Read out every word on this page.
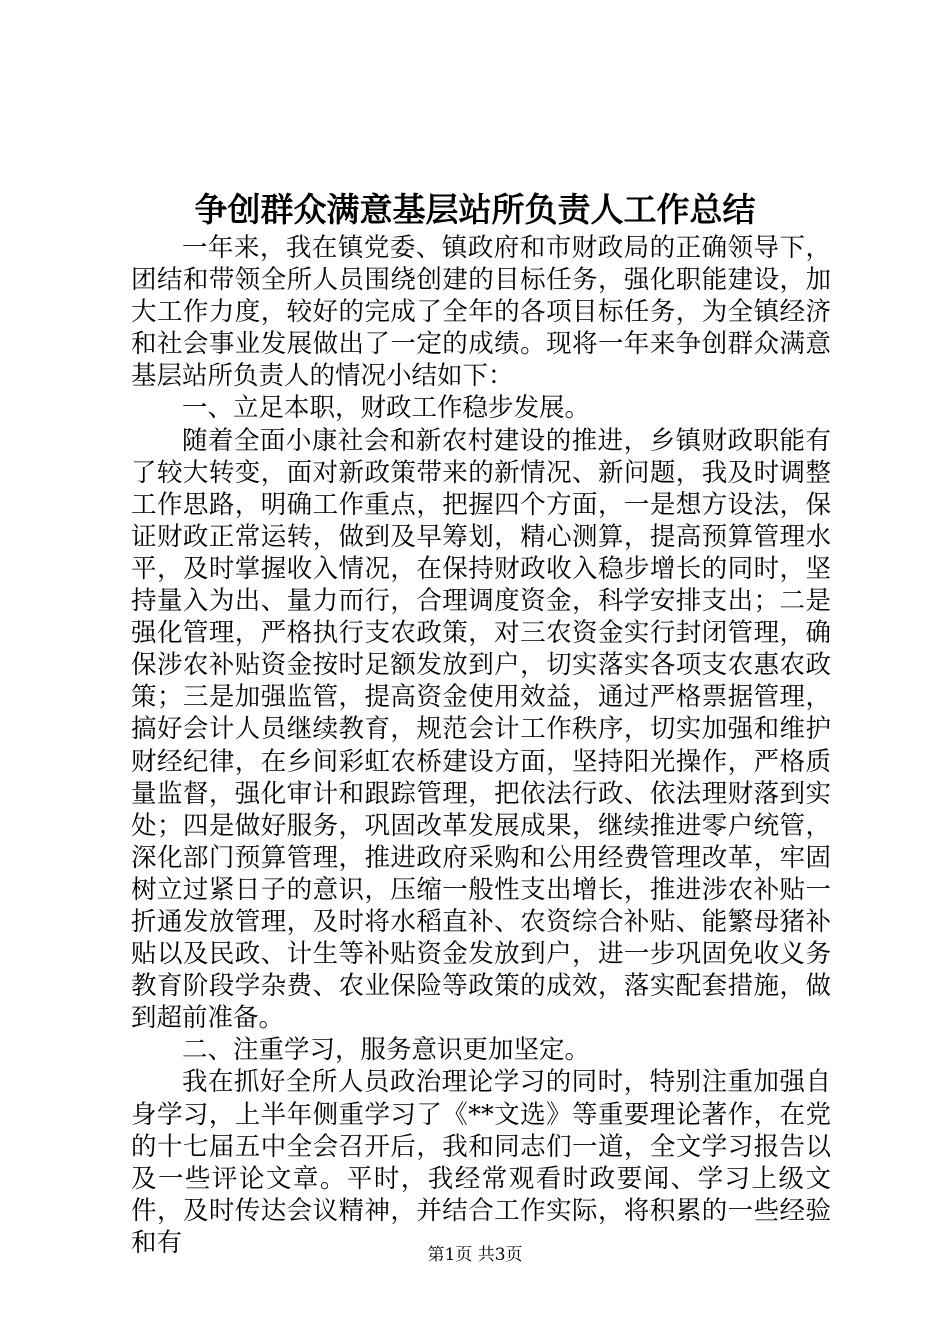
争创群众满意基层站所负责人工作总结

一年来，我在镇党委、镇政府和市财政局的正确领导下，团结和带领全所人员围绕创建的目标任务，强化职能建设，加大工作力度，较好的完成了全年的各项目标任务，为全镇经济和社会事业发展做出了一定的成绩。现将一年来争创群众满意基层站所负责人的情况小结如下：

一、立足本职，财政工作稳步发展。

随着全面小康社会和新农村建设的推进，乡镇财政职能有了较大转变，面对新政策带来的新情况、新问题，我及时调整工作思路，明确工作重点，把握四个方面，一是想方设法，保证财政正常运转，做到及早筹划，精心测算，提高预算管理水平，及时掌握收入情况，在保持财政收入稳步增长的同时，坚持量入为出、量力而行，合理调度资金，科学安排支出；二是强化管理，严格执行支农政策，对三农资金实行封闭管理，确保涉农补贴资金按时足额发放到户，切实落实各项支农惠农政策；三是加强监管，提高资金使用效益，通过严格票据管理，搞好会计人员继续教育，规范会计工作秩序，切实加强和维护财经纪律，在乡间彩虹农桥建设方面，坚持阳光操作，严格质量监督，强化审计和跟踪管理，把依法行政、依法理财落到实处；四是做好服务，巩固改革发展成果，继续推进零户统管，深化部门预算管理，推进政府采购和公用经费管理改革，牢固树立过紧日子的意识，压缩一般性支出增长，推进涉农补贴一折通发放管理，及时将水稻直补、农资综合补贴、能繁母猪补贴以及民政、计生等补贴资金发放到户，进一步巩固免收义务教育阶段学杂费、农业保险等政策的成效，落实配套措施，做到超前准备。

二、注重学习，服务意识更加坚定。

我在抓好全所人员政治理论学习的同时，特别注重加强自身学习，上半年侧重学习了《**文选》等重要理论著作，在党的十七届五中全会召开后，我和同志们一道，全文学习报告以及一些评论文章。平时，我经常观看时政要闻、学习上级文件，及时传达会议精神，并结合工作实际，将积累的一些经验和有	第1页 共3页
